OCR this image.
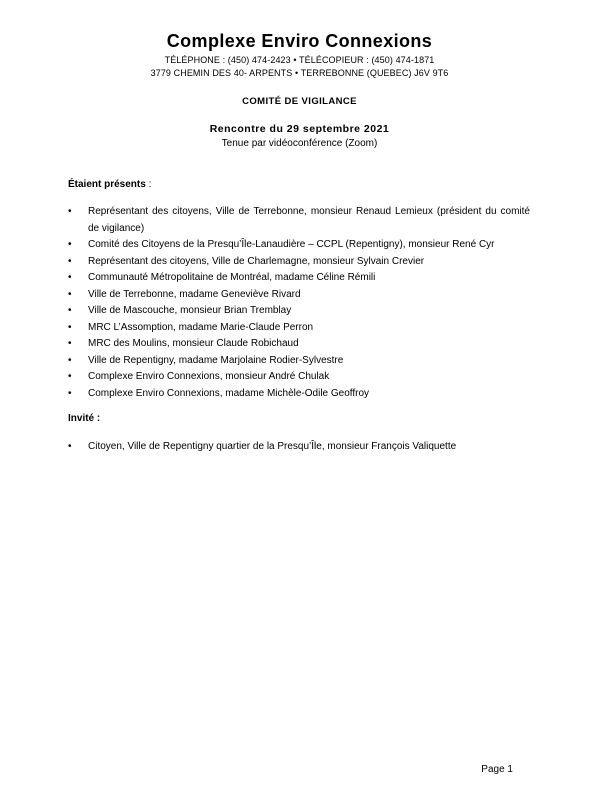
Complexe Enviro Connexions
TÉLÉPHONE : (450) 474-2423 • TÉLÉCOPIEUR : (450) 474-1871
3779 CHEMIN DES 40- ARPENTS • TERREBONNE (QUEBEC) J6V 9T6
COMITÉ DE VIGILANCE
Rencontre du 29 septembre 2021
Tenue par vidéoconférence (Zoom)
Étaient présents :
• Représentant des citoyens, Ville de Terrebonne, monsieur Renaud Lemieux (président du comité de vigilance)
• Comité des Citoyens de la Presqu’Île-Lanaudière – CCPL (Repentigny), monsieur René Cyr
• Représentant des citoyens, Ville de Charlemagne, monsieur Sylvain Crevier
• Communauté Métropolitaine de Montréal, madame Céline Rémili
• Ville de Terrebonne, madame Geneviève Rivard
• Ville de Mascouche, monsieur Brian Tremblay
• MRC L’Assomption, madame Marie-Claude Perron
• MRC des Moulins, monsieur Claude Robichaud
• Ville de Repentigny, madame Marjolaine Rodier-Sylvestre
• Complexe Enviro Connexions, monsieur André Chulak
• Complexe Enviro Connexions, madame Michèle-Odile Geoffroy
Invité :
• Citoyen, Ville de Repentigny quartier de la Presqu’Île, monsieur François Valiquette
Page 1
